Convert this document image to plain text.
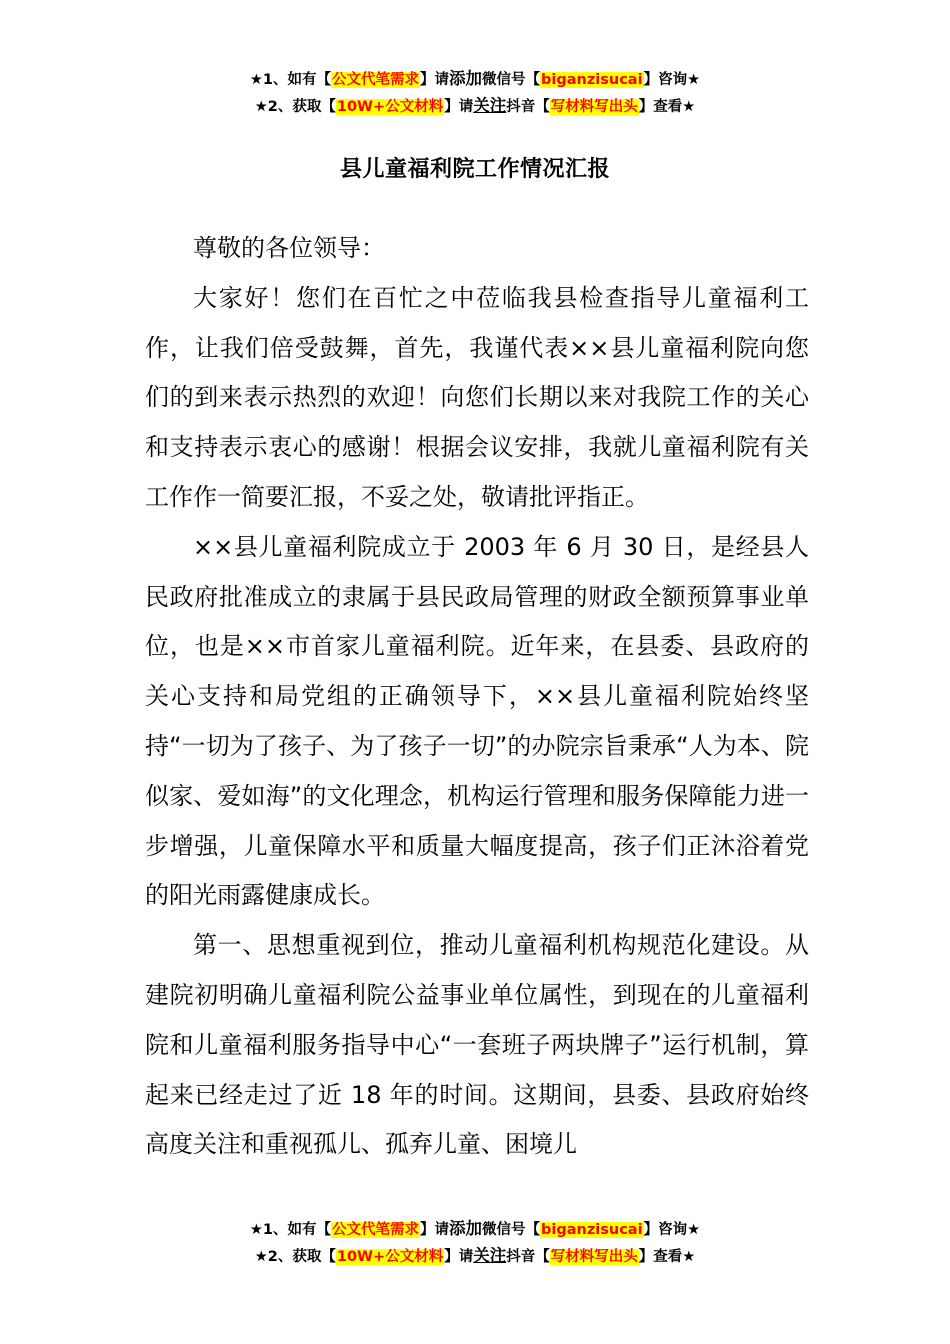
★1、如有【公文代笔需求】请添加微信号【biganzisucai】咨询★
★2、获取【10W+公文材料】请关注抖音【写材料写出头】查看★
县儿童福利院工作情况汇报

尊敬的各位领导：

大家好！您们在百忙之中莅临我县检查指导儿童福利工作，让我们倍受鼓舞，首先，我谨代表××县儿童福利院向您们的到来表示热烈的欢迎！向您们长期以来对我院工作的关心和支持表示衷心的感谢！根据会议安排，我就儿童福利院有关工作作一简要汇报，不妥之处，敬请批评指正。

××县儿童福利院成立于 2003 年 6 月 30 日，是经县人民政府批准成立的隶属于县民政局管理的财政全额预算事业单位，也是××市首家儿童福利院。近年来，在县委、县政府的关心支持和局党组的正确领导下，××县儿童福利院始终坚持“一切为了孩子、为了孩子一切”的办院宗旨秉承“人为本、院似家、爱如海”的文化理念，机构运行管理和服务保障能力进一步增强，儿童保障水平和质量大幅度提高，孩子们正沐浴着党的阳光雨露健康成长。

第一、思想重视到位，推动儿童福利机构规范化建设。从建院初明确儿童福利院公益事业单位属性，到现在的儿童福利院和儿童福利服务指导中心“一套班子两块牌子”运行机制，算起来已经走过了近 18 年的时间。这期间，县委、县政府始终高度关注和重视孤儿、孤弃儿童、困境儿

★1、如有【公文代笔需求】请添加微信号【biganzisucai】咨询★
★2、获取【10W+公文材料】请关注抖音【写材料写出头】查看★
